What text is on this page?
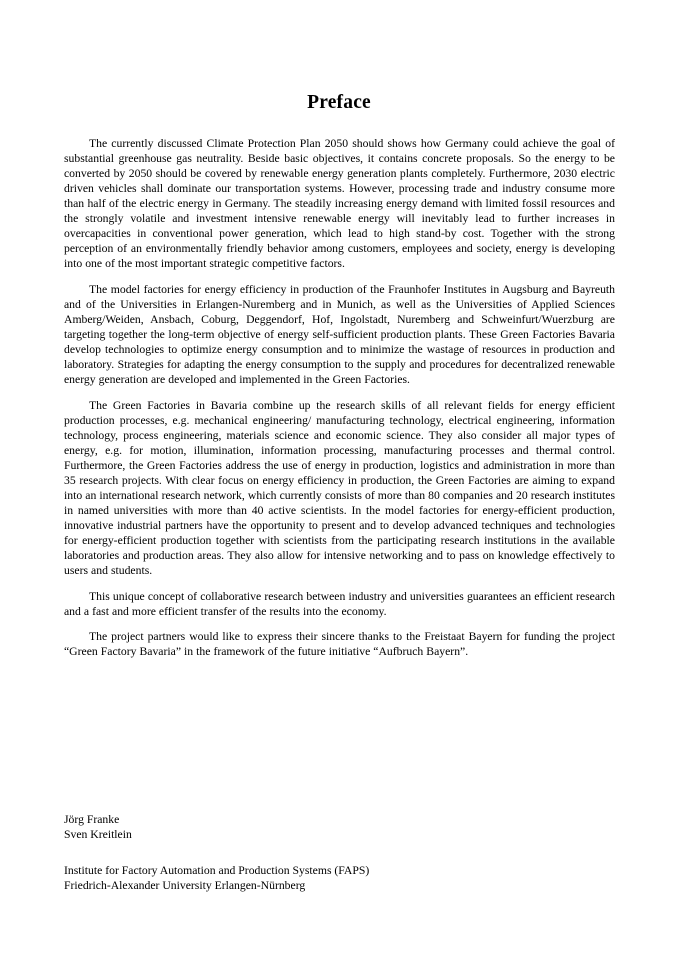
Preface

The currently discussed Climate Protection Plan 2050 should shows how Germany could achieve the goal of substantial greenhouse gas neutrality. Beside basic objectives, it contains concrete proposals. So the energy to be converted by 2050 should be covered by renewable energy generation plants completely. Furthermore, 2030 electric driven vehicles shall dominate our transportation systems. However, processing trade and industry consume more than half of the electric energy in Germany. The steadily increasing energy demand with limited fossil resources and the strongly volatile and investment intensive renewable energy will inevitably lead to further increases in overcapacities in conventional power generation, which lead to high stand-by cost. Together with the strong perception of an environmentally friendly behavior among customers, employees and society, energy is developing into one of the most important strategic competitive factors.

The model factories for energy efficiency in production of the Fraunhofer Institutes in Augsburg and Bayreuth and of the Universities in Erlangen-Nuremberg and in Munich, as well as the Universities of Applied Sciences Amberg/Weiden, Ansbach, Coburg, Deggendorf, Hof, Ingolstadt, Nuremberg and Schweinfurt/Wuerzburg are targeting together the long-term objective of energy self-sufficient production plants. These Green Factories Bavaria develop technologies to optimize energy consumption and to minimize the wastage of resources in production and laboratory. Strategies for adapting the energy consumption to the supply and procedures for decentralized renewable energy generation are developed and implemented in the Green Factories.

The Green Factories in Bavaria combine up the research skills of all relevant fields for energy efficient production processes, e.g. mechanical engineering/ manufacturing technology, electrical engineering, information technology, process engineering, materials science and economic science. They also consider all major types of energy, e.g. for motion, illumination, information processing, manufacturing processes and thermal control. Furthermore, the Green Factories address the use of energy in production, logistics and administration in more than 35 research projects. With clear focus on energy efficiency in production, the Green Factories are aiming to expand into an international research network, which currently consists of more than 80 companies and 20 research institutes in named universities with more than 40 active scientists. In the model factories for energy-efficient production, innovative industrial partners have the opportunity to present and to develop advanced techniques and technologies for energy-efficient production together with scientists from the participating research institutions in the available laboratories and production areas. They also allow for intensive networking and to pass on knowledge effectively to users and students.

This unique concept of collaborative research between industry and universities guarantees an efficient research and a fast and more efficient transfer of the results into the economy.

The project partners would like to express their sincere thanks to the Freistaat Bayern for funding the project “Green Factory Bavaria” in the framework of the future initiative “Aufbruch Bayern”.

Jörg Franke
Sven Kreitlein
Institute for Factory Automation and Production Systems (FAPS)
Friedrich-Alexander University Erlangen-Nürnberg
